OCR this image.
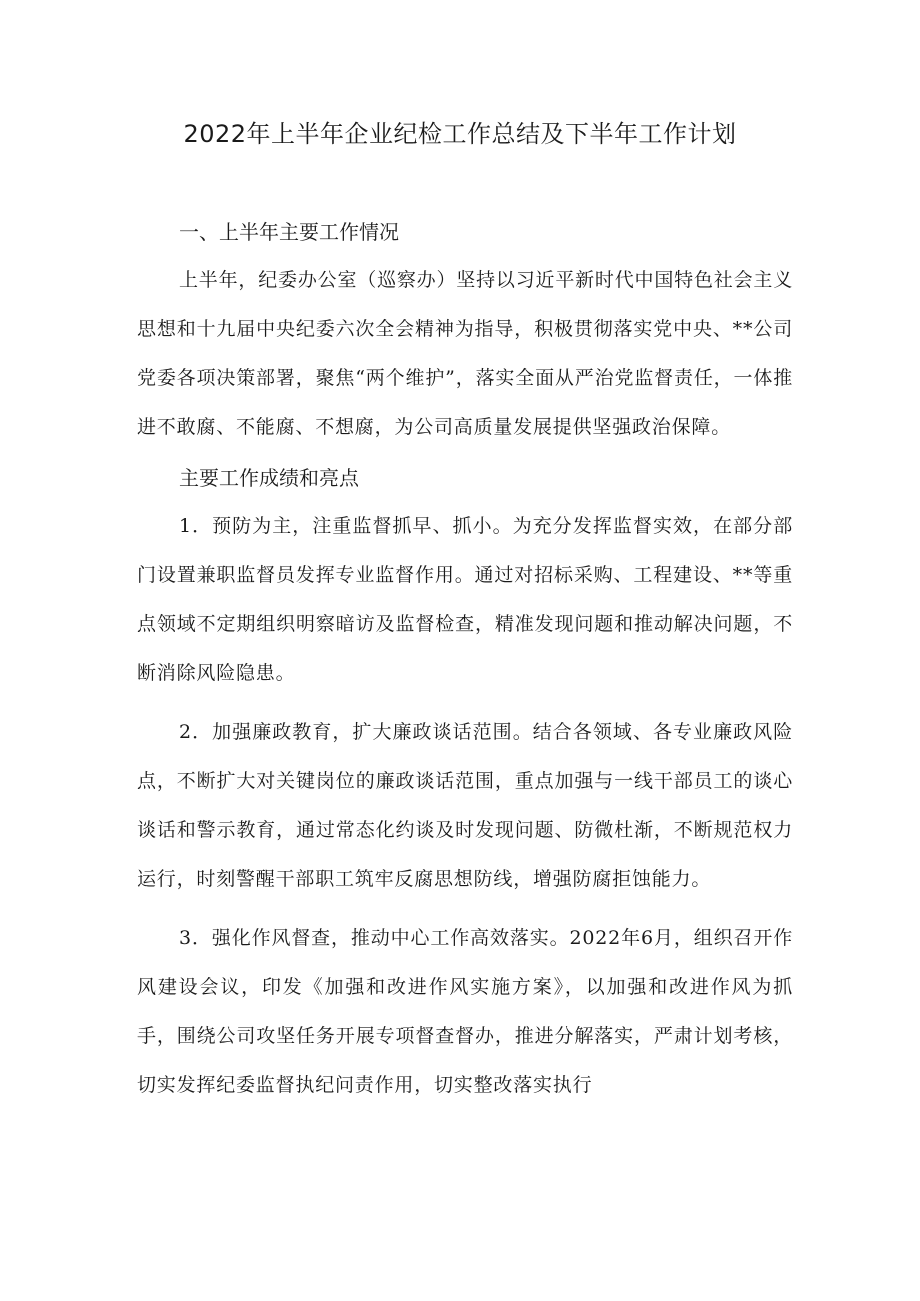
2022年上半年企业纪检工作总结及下半年工作计划
一、上半年主要工作情况

上半年，纪委办公室（巡察办）坚持以习近平新时代中国特色社会主义思想和十九届中央纪委六次全会精神为指导，积极贯彻落实党中央、**公司党委各项决策部署，聚焦“两个维护”，落实全面从严治党监督责任，一体推进不敢腐、不能腐、不想腐，为公司高质量发展提供坚强政治保障。

主要工作成绩和亮点

1．预防为主，注重监督抓早、抓小。为充分发挥监督实效，在部分部门设置兼职监督员发挥专业监督作用。通过对招标采购、工程建设、**等重点领域不定期组织明察暗访及监督检查，精准发现问题和推动解决问题，不断消除风险隐患。

2．加强廉政教育，扩大廉政谈话范围。结合各领域、各专业廉政风险点，不断扩大对关键岗位的廉政谈话范围，重点加强与一线干部员工的谈心谈话和警示教育，通过常态化约谈及时发现问题、防微杜渐，不断规范权力运行，时刻警醒干部职工筑牢反腐思想防线，增强防腐拒蚀能力。

3．强化作风督查，推动中心工作高效落实。2022年6月，组织召开作风建设会议，印发《加强和改进作风实施方案》，以加强和改进作风为抓手，围绕公司攻坚任务开展专项督查督办，推进分解落实，严肃计划考核，切实发挥纪委监督执纪问责作用，切实整改落实执行
